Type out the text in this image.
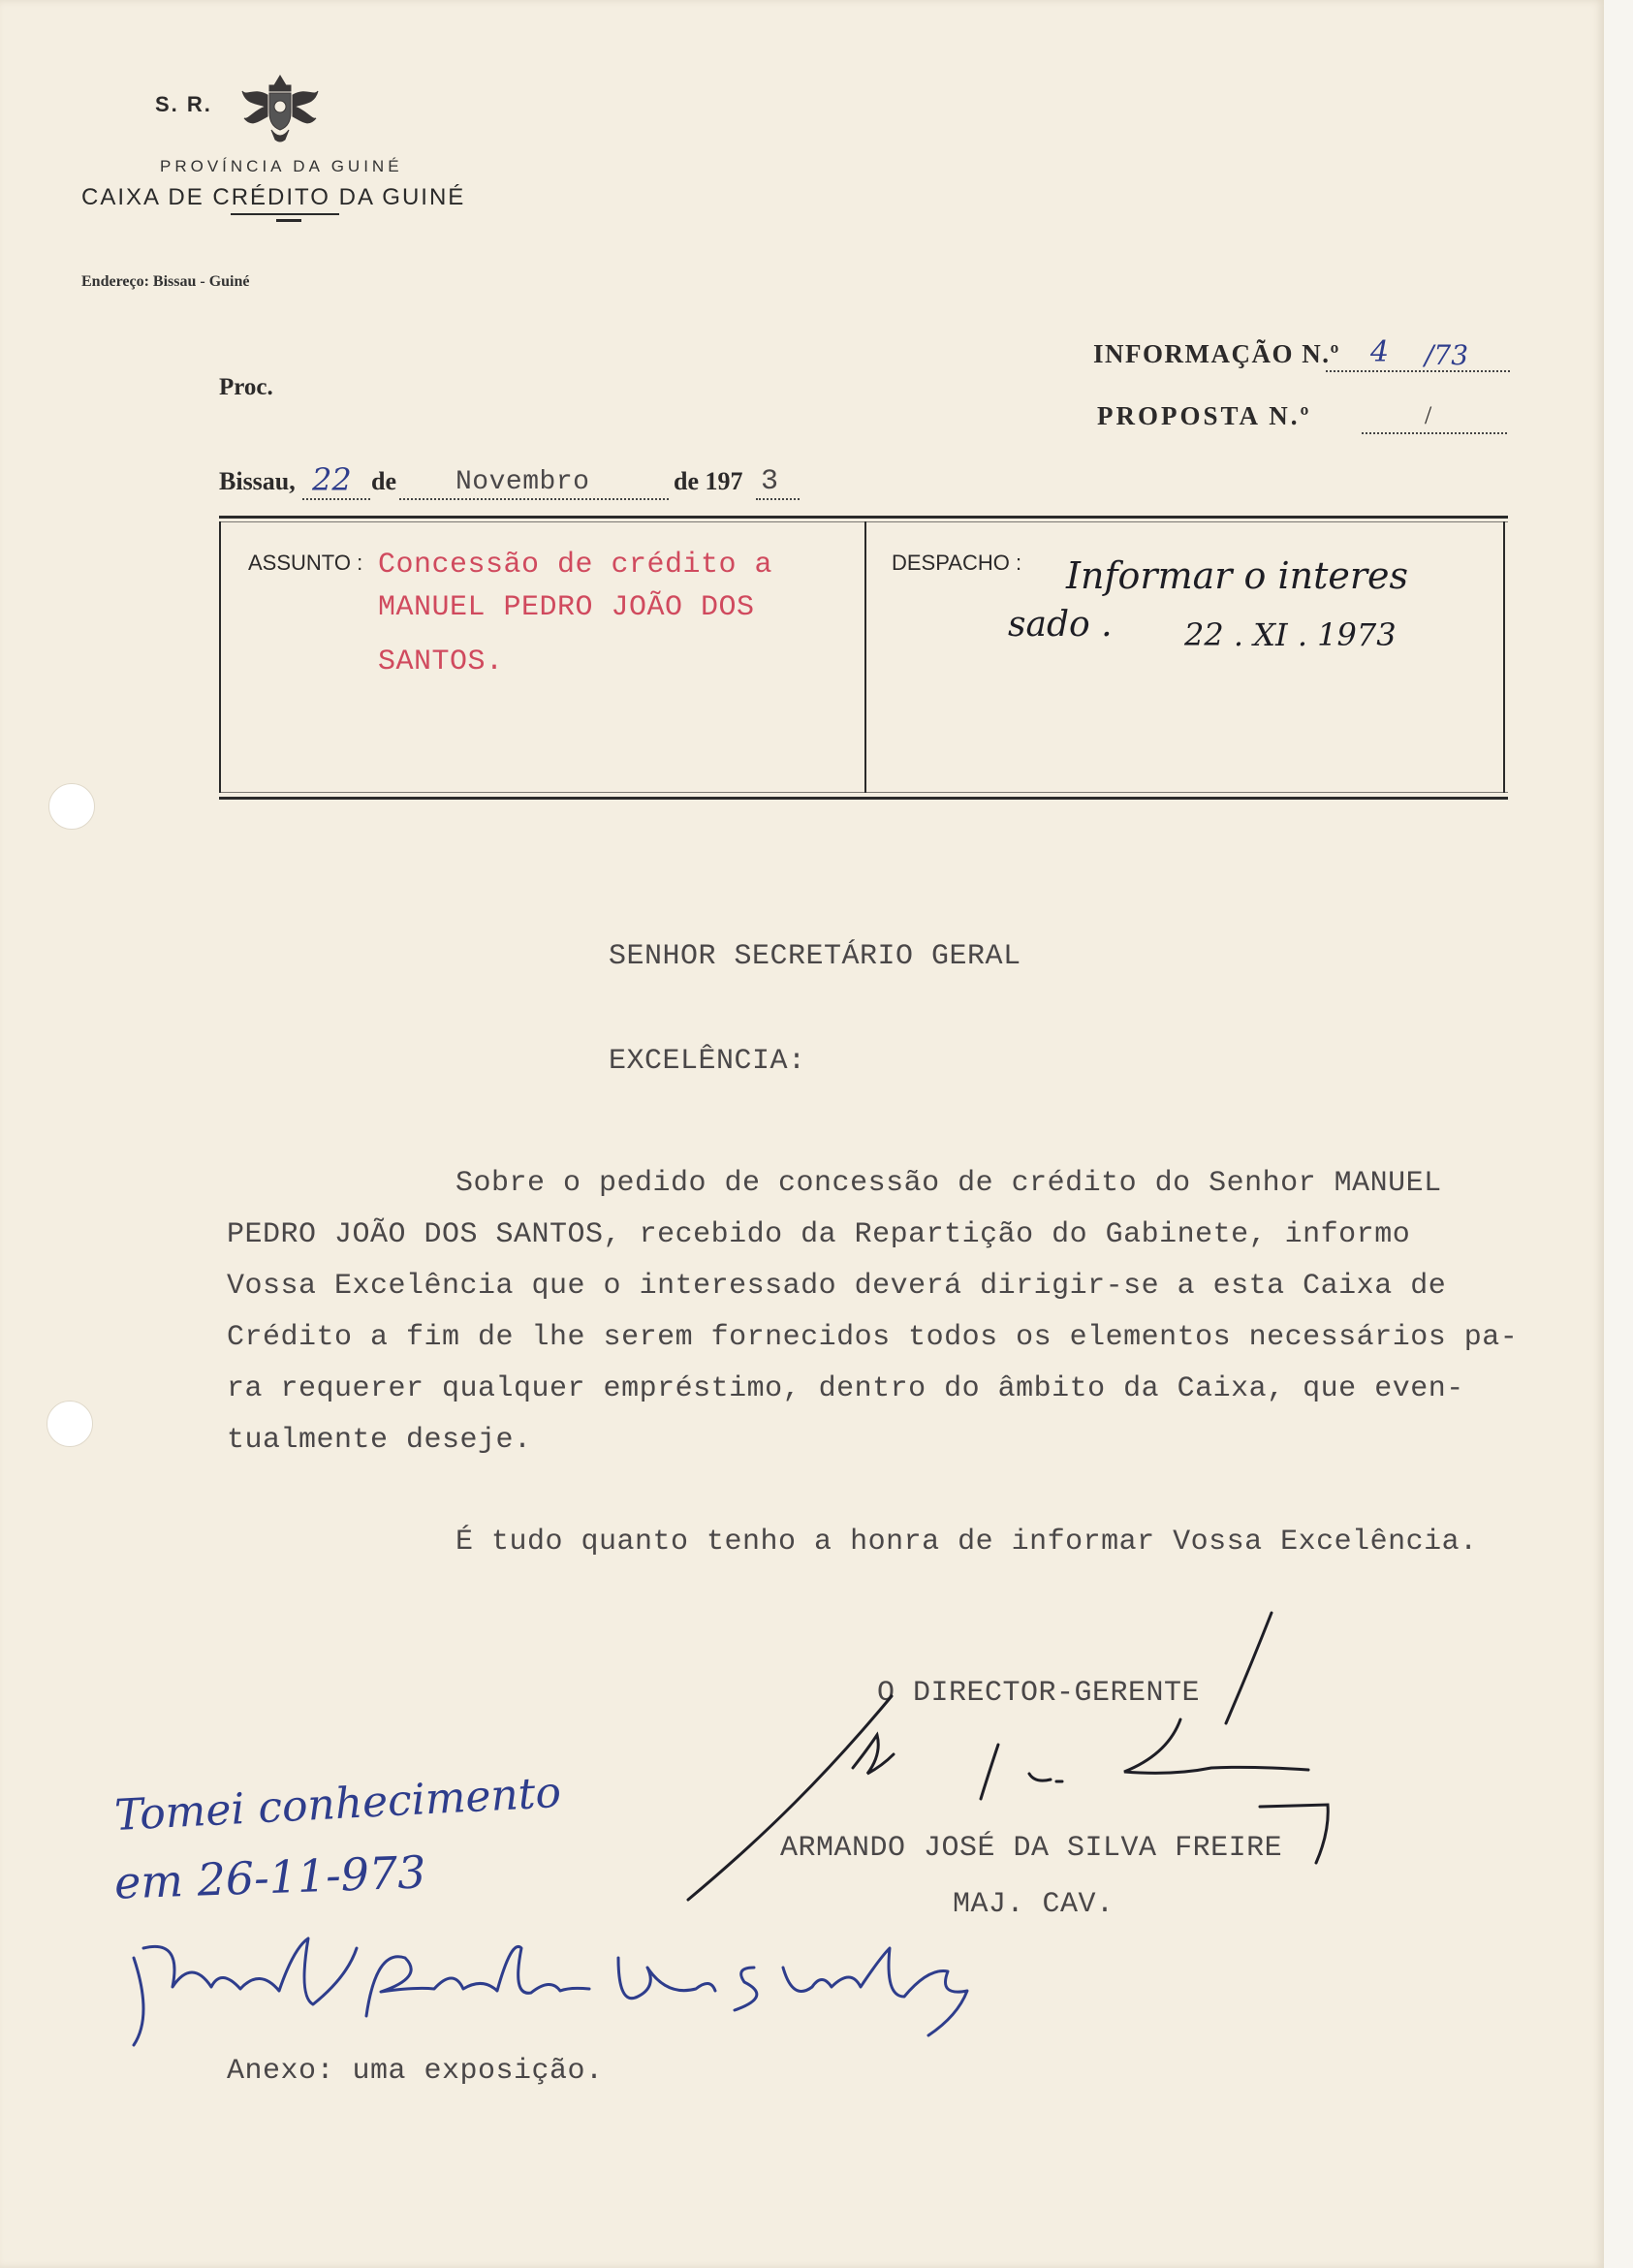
S. R.
PROVÍNCIA DA GUINÉ
CAIXA DE CRÉDITO DA GUINÉ
Endereço: Bissau - Guiné
INFORMAÇÃO N.º 4 /73
Proc.
PROPOSTA N.º	/
Bissau, 22 de Novembro	de 197 3
ASSUNTO : Concessão de crédito a
MANUEL PEDRO JOÃO DOS
SANTOS.
DESPACHO : Informar o interes
sado . 22 . XI . 1973
SENHOR SECRETÁRIO GERAL
EXCELÊNCIA:
Sobre o pedido de concessão de crédito do Senhor MANUEL
PEDRO JOÃO DOS SANTOS, recebido da Repartição do Gabinete, informo
Vossa Excelência que o interessado deverá dirigir-se a esta Caixa de
Crédito a fim de lhe serem fornecidos todos os elementos necessários pa-
ra requerer qualquer empréstimo, dentro do âmbito da Caixa, que even-
tualmente deseje.
É tudo quanto tenho a honra de informar Vossa Excelência.
O DIRECTOR-GERENTE
ARMANDO JOSÉ DA SILVA FREIRE
MAJ. CAV.
Tomei conhecimento
em 26-11-973
Anexo: uma exposição.
